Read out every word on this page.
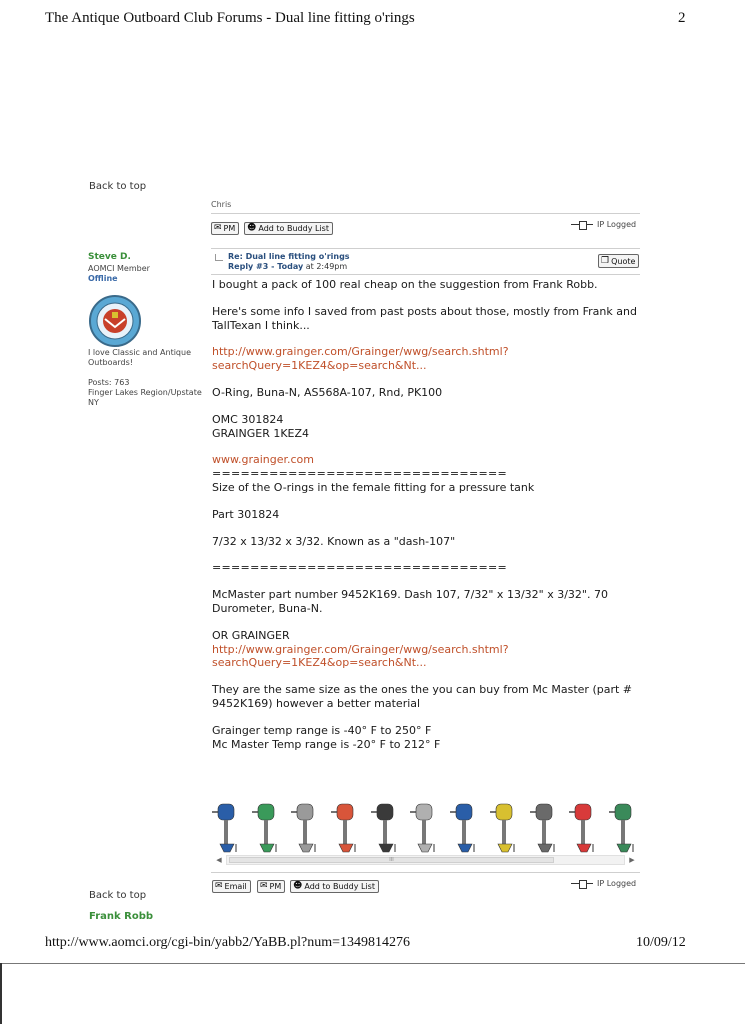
The Antique Outboard Club Forums - Dual line fitting o'rings	2
Back to top
Chris
✉ PM ☻ Add to Buddy List	IP Logged
Steve D.
AOMCI Member
Offline
I love Classic and Antique Outboards!
Posts: 763
Finger Lakes Region/Upstate NY
Re: Dual line fitting o'rings
Reply #3 - Today at 2:49pm
❐ Quote

I bought a pack of 100 real cheap on the suggestion from Frank Robb.

Here's some info I saved from past posts about those, mostly from Frank and TallTexan I think...

http://www.grainger.com/Grainger/wwg/search.shtml?searchQuery=1KEZ4&op=search&Nt...

O-Ring, Buna-N, AS568A-107, Rnd, PK100

OMC 301824

GRAINGER 1KEZ4

www.grainger.com

===============================

Size of the O-rings in the female fitting for a pressure tank

Part 301824

7/32 x 13/32 x 3/32. Known as a "dash-107"

===============================

McMaster part number 9452K169. Dash 107, 7/32" x 13/32" x 3/32". 70 Durometer, Buna-N.

OR GRAINGER

http://www.grainger.com/Grainger/wwg/search.shtml?searchQuery=1KEZ4&op=search&Nt...

They are the same size as the ones the you can buy from Mc Master (part # 9452K169) however a better material

Grainger temp range is -40° F to 250° F

Mc Master Temp range is -20° F to 212° F

◀	III	▶
✉ Email ✉ PM ☻ Add to Buddy List	IP Logged
Back to top
Frank Robb
http://www.aomci.org/cgi-bin/yabb2/YaBB.pl?num=1349814276	10/09/12
